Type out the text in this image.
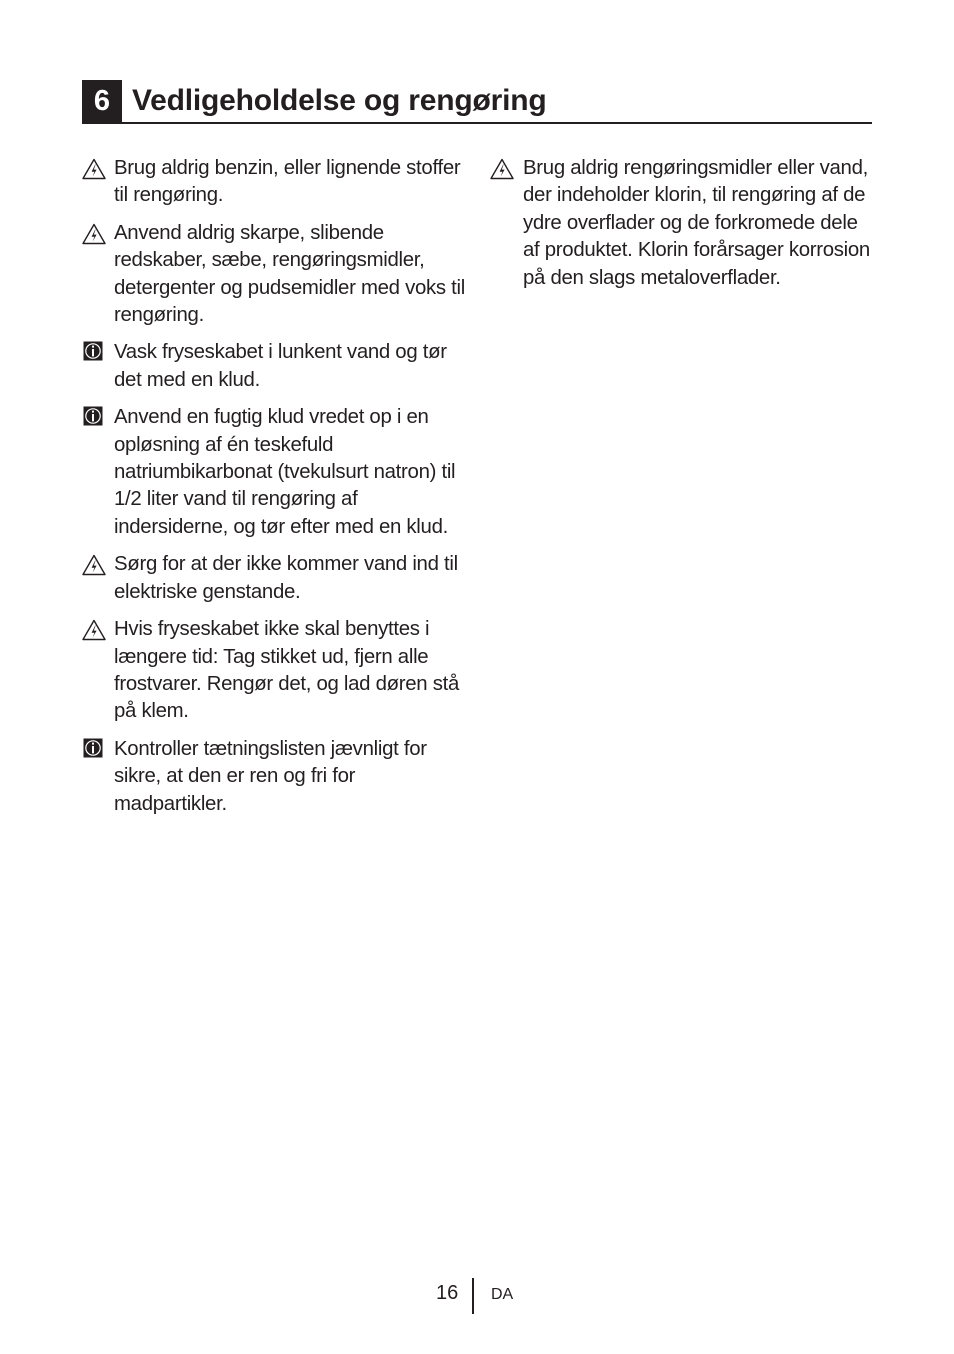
6 Vedligeholdelse og rengøring
Brug aldrig benzin, eller lignende stoffer til rengøring.
Anvend aldrig skarpe, slibende redskaber, sæbe, rengøringsmidler, detergenter og pudsemidler med voks til rengøring.
Vask fryseskabet i lunkent vand og tør det med en klud.
Anvend en fugtig klud vredet op i en opløsning af én teskefuld natriumbikarbonat (tvekulsurt natron) til 1/2 liter vand til rengøring af indersiderne, og tør efter med en klud.
Sørg for at der ikke kommer vand ind til elektriske genstande.
Hvis fryseskabet ikke skal benyttes i længere tid: Tag stikket ud, fjern alle frostvarer. Rengør det, og lad døren stå på klem.
Kontroller tætningslisten jævnligt for sikre, at den er ren og fri for madpartikler.
Brug aldrig rengøringsmidler eller vand, der indeholder klorin, til rengøring af de ydre overflader og de forkromede dele af produktet. Klorin forårsager korrosion på den slags metaloverflader.
16 DA
